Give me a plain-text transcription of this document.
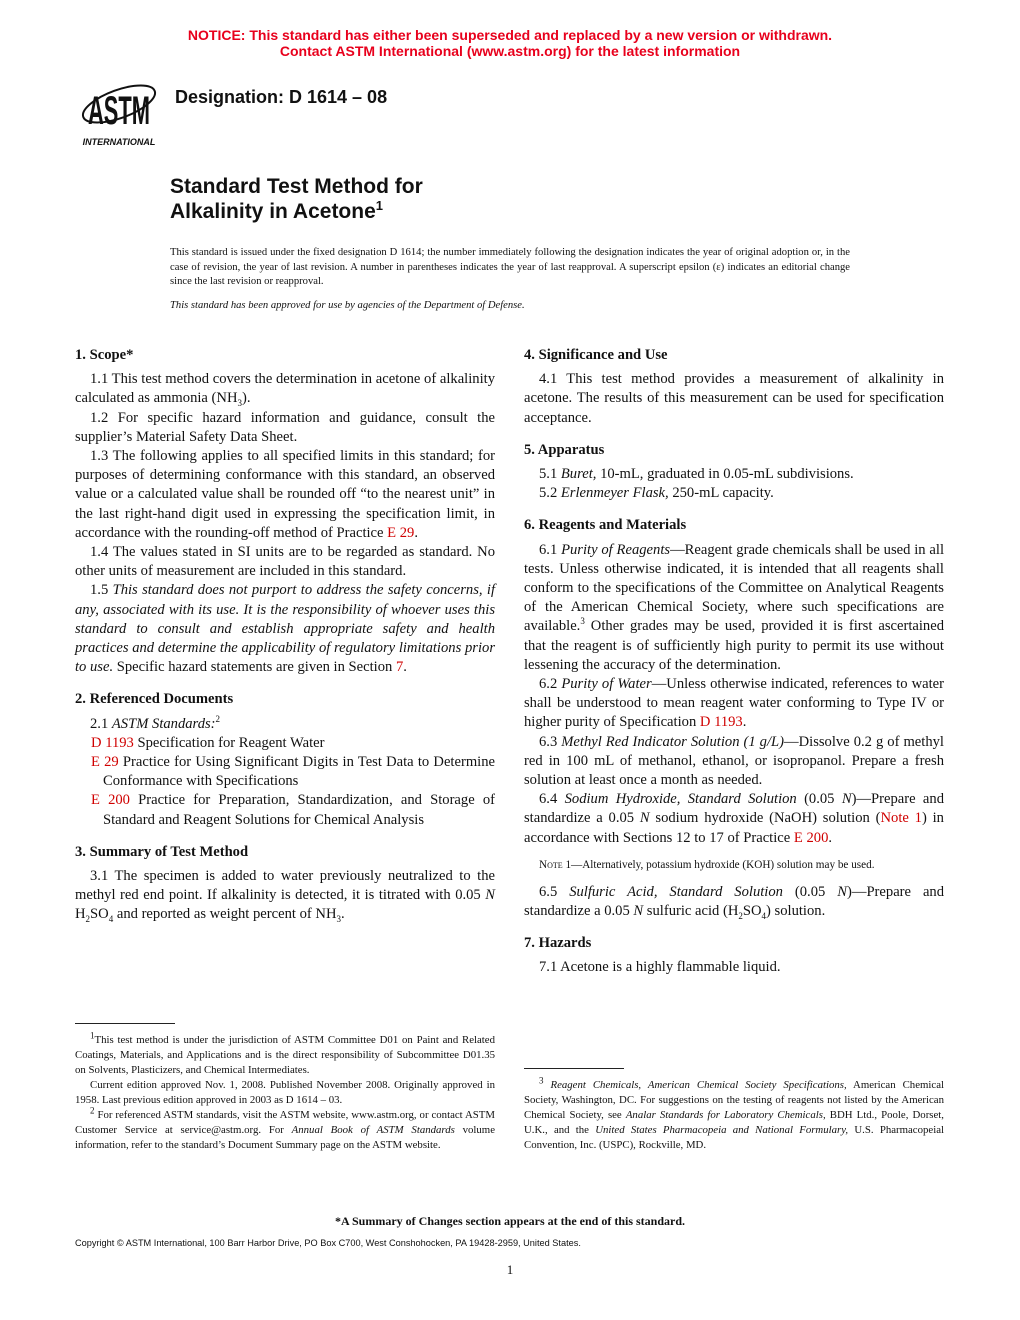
NOTICE: This standard has either been superseded and replaced by a new version or withdrawn.
Contact ASTM International (www.astm.org) for the latest information
ASTM
INTERNATIONAL
Designation: D 1614 – 08
Standard Test Method for
Alkalinity in Acetone$^1$
This standard is issued under the fixed designation D 1614; the number immediately following the designation indicates the year of original adoption or, in the case of revision, the year of last revision. A number in parentheses indicates the year of last reapproval. A superscript epsilon (ε) indicates an editorial change since the last revision or reapproval.
This standard has been approved for use by agencies of the Department of Defense.
1. Scope*

1.1 This test method covers the determination in acetone of alkalinity calculated as ammonia $(NH_3)$.

1.2 For specific hazard information and guidance, consult the supplier’s Material Safety Data Sheet.

1.3 The following applies to all specified limits in this standard; for purposes of determining conformance with this standard, an observed value or a calculated value shall be rounded off “to the nearest unit” in the last right-hand digit used in expressing the specification limit, in accordance with the rounding-off method of Practice E 29.

1.4 The values stated in SI units are to be regarded as standard. No other units of measurement are included in this standard.

1.5 This standard does not purport to address the safety concerns, if any, associated with its use. It is the responsibility of whoever uses this standard to consult and establish appropriate safety and health practices and determine the applicability of regulatory limitations prior to use. Specific hazard statements are given in Section 7.

2. Referenced Documents

2.1 ASTM Standards:$^2$

D 1193 Specification for Reagent Water

E 29 Practice for Using Significant Digits in Test Data to Determine Conformance with Specifications

E 200 Practice for Preparation, Standardization, and Storage of Standard and Reagent Solutions for Chemical Analysis

3. Summary of Test Method

3.1 The specimen is added to water previously neutralized to the methyl red end point. If alkalinity is detected, it is titrated with 0.05 N $H_2SO_4$ and reported as weight percent of $NH_3$.

4. Significance and Use

4.1 This test method provides a measurement of alkalinity in acetone. The results of this measurement can be used for specification acceptance.

5. Apparatus

5.1 Buret, 10-mL, graduated in 0.05-mL subdivisions.

5.2 Erlenmeyer Flask, 250-mL capacity.

6. Reagents and Materials

6.1 Purity of Reagents—Reagent grade chemicals shall be used in all tests. Unless otherwise indicated, it is intended that all reagents shall conform to the specifications of the Committee on Analytical Reagents of the American Chemical Society, where such specifications are available.$^3$ Other grades may be used, provided it is first ascertained that the reagent is of sufficiently high purity to permit its use without lessening the accuracy of the determination.

6.2 Purity of Water—Unless otherwise indicated, references to water shall be understood to mean reagent water conforming to Type IV or higher purity of Specification D 1193.

6.3 Methyl Red Indicator Solution (1 g/L)—Dissolve 0.2 g of methyl red in 100 mL of methanol, ethanol, or isopropanol. Prepare a fresh solution at least once a month as needed.

6.4 Sodium Hydroxide, Standard Solution (0.05 N)—Prepare and standardize a 0.05 N sodium hydroxide (NaOH) solution (Note 1) in accordance with Sections 12 to 17 of Practice E 200.

Note 1—Alternatively, potassium hydroxide (KOH) solution may be used.

6.5 Sulfuric Acid, Standard Solution (0.05 N)—Prepare and standardize a 0.05 N sulfuric acid $(H_2SO_4)$ solution.

7. Hazards

7.1 Acetone is a highly flammable liquid.

$^1$This test method is under the jurisdiction of ASTM Committee D01 on Paint and Related Coatings, Materials, and Applications and is the direct responsibility of Subcommittee D01.35 on Solvents, Plasticizers, and Chemical Intermediates.

Current edition approved Nov. 1, 2008. Published November 2008. Originally approved in 1958. Last previous edition approved in 2003 as D 1614 – 03.

$^2$ For referenced ASTM standards, visit the ASTM website, www.astm.org, or contact ASTM Customer Service at service@astm.org. For Annual Book of ASTM Standards volume information, refer to the standard’s Document Summary page on the ASTM website.

$^3$ Reagent Chemicals, American Chemical Society Specifications, American Chemical Society, Washington, DC. For suggestions on the testing of reagents not listed by the American Chemical Society, see Analar Standards for Laboratory Chemicals, BDH Ltd., Poole, Dorset, U.K., and the United States Pharmacopeia and National Formulary, U.S. Pharmacopeial Convention, Inc. (USPC), Rockville, MD.

*A Summary of Changes section appears at the end of this standard.
Copyright © ASTM International, 100 Barr Harbor Drive, PO Box C700, West Conshohocken, PA 19428-2959, United States.
1
